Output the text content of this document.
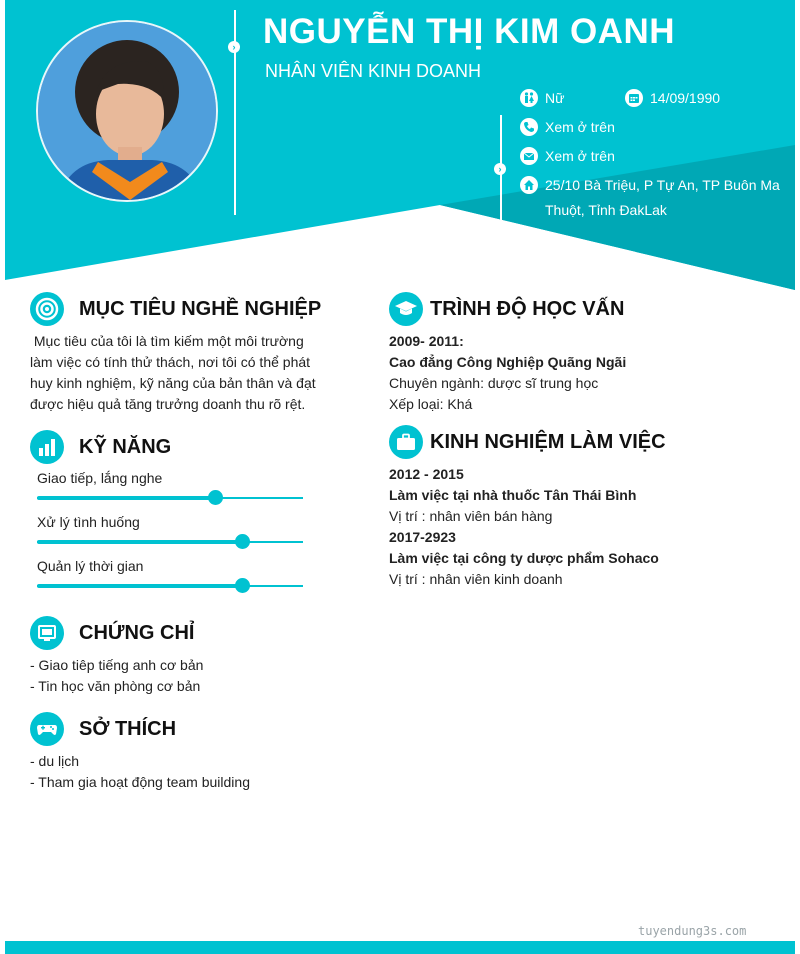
›
›
NGUYỄN THỊ KIM OANH
NHÂN VIÊN KINH DOANH
Nữ	14/09/1990
Xem ở trên
Xem ở trên
25/10 Bà Triệu, P Tự An, TP Buôn Ma
Thuột, Tỉnh ĐakLak
MỤC TIÊU NGHỀ NGHIỆP
Mục tiêu của tôi là tìm kiếm một môi trường
làm việc có tính thử thách, nơi tôi có thể phát
huy kinh nghiệm, kỹ năng của bản thân và đạt
được hiệu quả tăng trưởng doanh thu rõ rệt.
KỸ NĂNG
Giao tiếp, lắng nghe
Xử lý tình huống
Quản lý thời gian
CHỨNG CHỈ
- Giao tiêp tiếng anh cơ bản
- Tin học văn phòng cơ bản
SỞ THÍCH
- du lịch
- Tham gia hoạt động team building
TRÌNH ĐỘ HỌC VẤN
2009- 2011:
Cao đẳng Công Nghiệp Quãng Ngãi
Chuyên ngành: dược sĩ trung học
Xếp loại: Khá
KINH NGHIỆM LÀM VIỆC
2012 - 2015
Làm việc tại nhà thuốc Tân Thái Bình
Vị trí : nhân viên bán hàng
2017-2923
Làm việc tại công ty dược phẩm Sohaco
Vị trí : nhân viên kinh doanh
tuyendung3s.com
